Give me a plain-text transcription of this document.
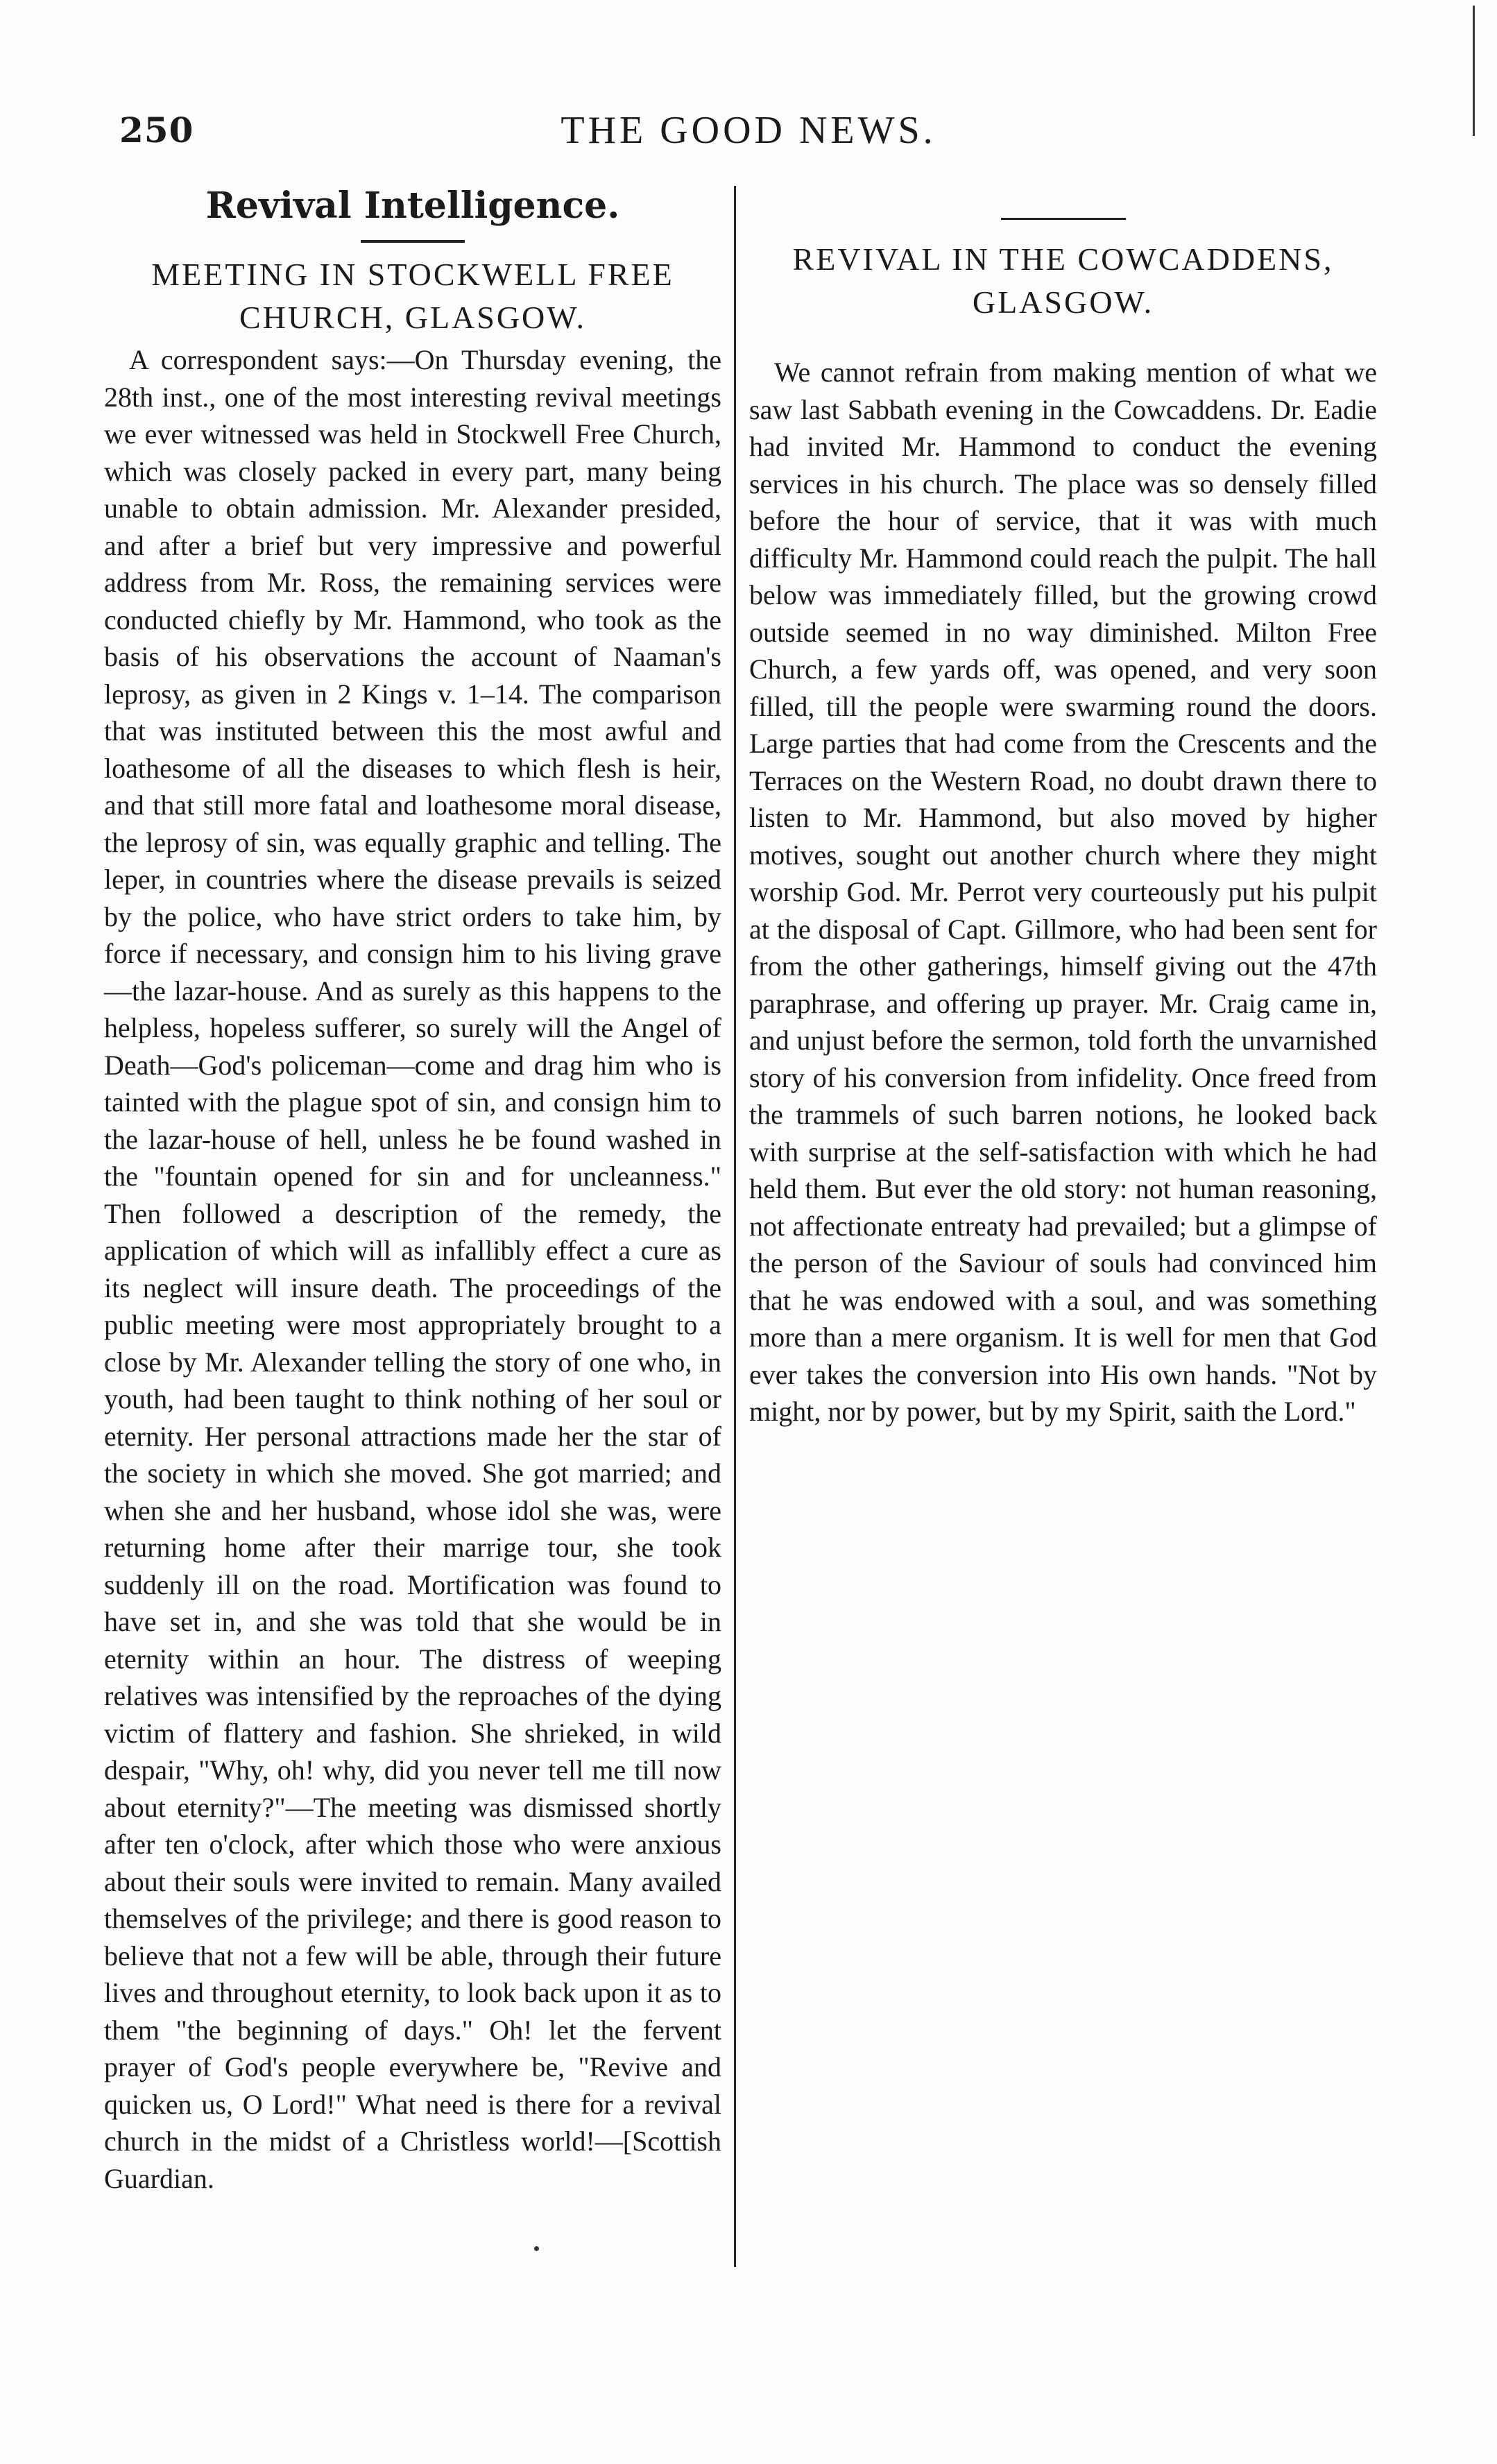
250	THE GOOD NEWS.
Revival Intelligence.
MEETING IN STOCKWELL FREE
CHURCH, GLASGOW.

A correspondent says:—On Thursday evening, the 28th inst., one of the most interesting revival meetings we ever witnessed was held in Stockwell Free Church, which was closely packed in every part, many being unable to obtain admission. Mr. Alexander presided, and after a brief but very impressive and powerful address from Mr. Ross, the remaining services were conducted chiefly by Mr. Hammond, who took as the basis of his observations the account of Naaman's leprosy, as given in 2 Kings v. 1–14. The comparison that was instituted between this the most awful and loathesome of all the diseases to which flesh is heir, and that still more fatal and loathesome moral disease, the leprosy of sin, was equally graphic and telling. The leper, in countries where the disease prevails is seized by the police, who have strict orders to take him, by force if necessary, and consign him to his living grave—the lazar-house. And as surely as this happens to the helpless, hopeless sufferer, so surely will the Angel of Death—God's policeman—come and drag him who is tainted with the plague spot of sin, and consign him to the lazar-house of hell, unless he be found washed in the "fountain opened for sin and for uncleanness." Then followed a description of the remedy, the application of which will as infallibly effect a cure as its neglect will insure death. The proceedings of the public meeting were most appropriately brought to a close by Mr. Alexander telling the story of one who, in youth, had been taught to think nothing of her soul or eternity. Her personal attractions made her the star of the society in which she moved. She got married; and when she and her husband, whose idol she was, were returning home after their marrige tour, she took suddenly ill on the road. Mortification was found to have set in, and she was told that she would be in eternity within an hour. The distress of weeping relatives was intensified by the reproaches of the dying victim of flattery and fashion. She shrieked, in wild despair, "Why, oh! why, did you never tell me till now about eternity?"—The meeting was dismissed shortly after ten o'clock, after which those who were anxious about their souls were invited to remain. Many availed themselves of the privilege; and there is good reason to believe that not a few will be able, through their future lives and throughout eternity, to look back upon it as to them "the beginning of days." Oh! let the fervent prayer of God's people everywhere be, "Revive and quicken us, O Lord!" What need is there for a revival church in the midst of a Christless world!—[Scottish Guardian.

REVIVAL IN THE COWCADDENS,
GLASGOW.

We cannot refrain from making mention of what we saw last Sabbath evening in the Cowcaddens. Dr. Eadie had invited Mr. Hammond to conduct the evening services in his church. The place was so densely filled before the hour of service, that it was with much difficulty Mr. Hammond could reach the pulpit. The hall below was immediately filled, but the growing crowd outside seemed in no way diminished. Milton Free Church, a few yards off, was opened, and very soon filled, till the people were swarming round the doors. Large parties that had come from the Crescents and the Terraces on the Western Road, no doubt drawn there to listen to Mr. Hammond, but also moved by higher motives, sought out another church where they might worship God. Mr. Perrot very courteously put his pulpit at the disposal of Capt. Gillmore, who had been sent for from the other gatherings, himself giving out the 47th paraphrase, and offering up prayer. Mr. Craig came in, and unjust before the sermon, told forth the unvarnished story of his conversion from infidelity. Once freed from the trammels of such barren notions, he looked back with surprise at the self-satisfaction with which he had held them. But ever the old story: not human reasoning, not affectionate entreaty had prevailed; but a glimpse of the person of the Saviour of souls had convinced him that he was endowed with a soul, and was something more than a mere organism. It is well for men that God ever takes the conversion into His own hands. "Not by might, nor by power, but by my Spirit, saith the Lord."
